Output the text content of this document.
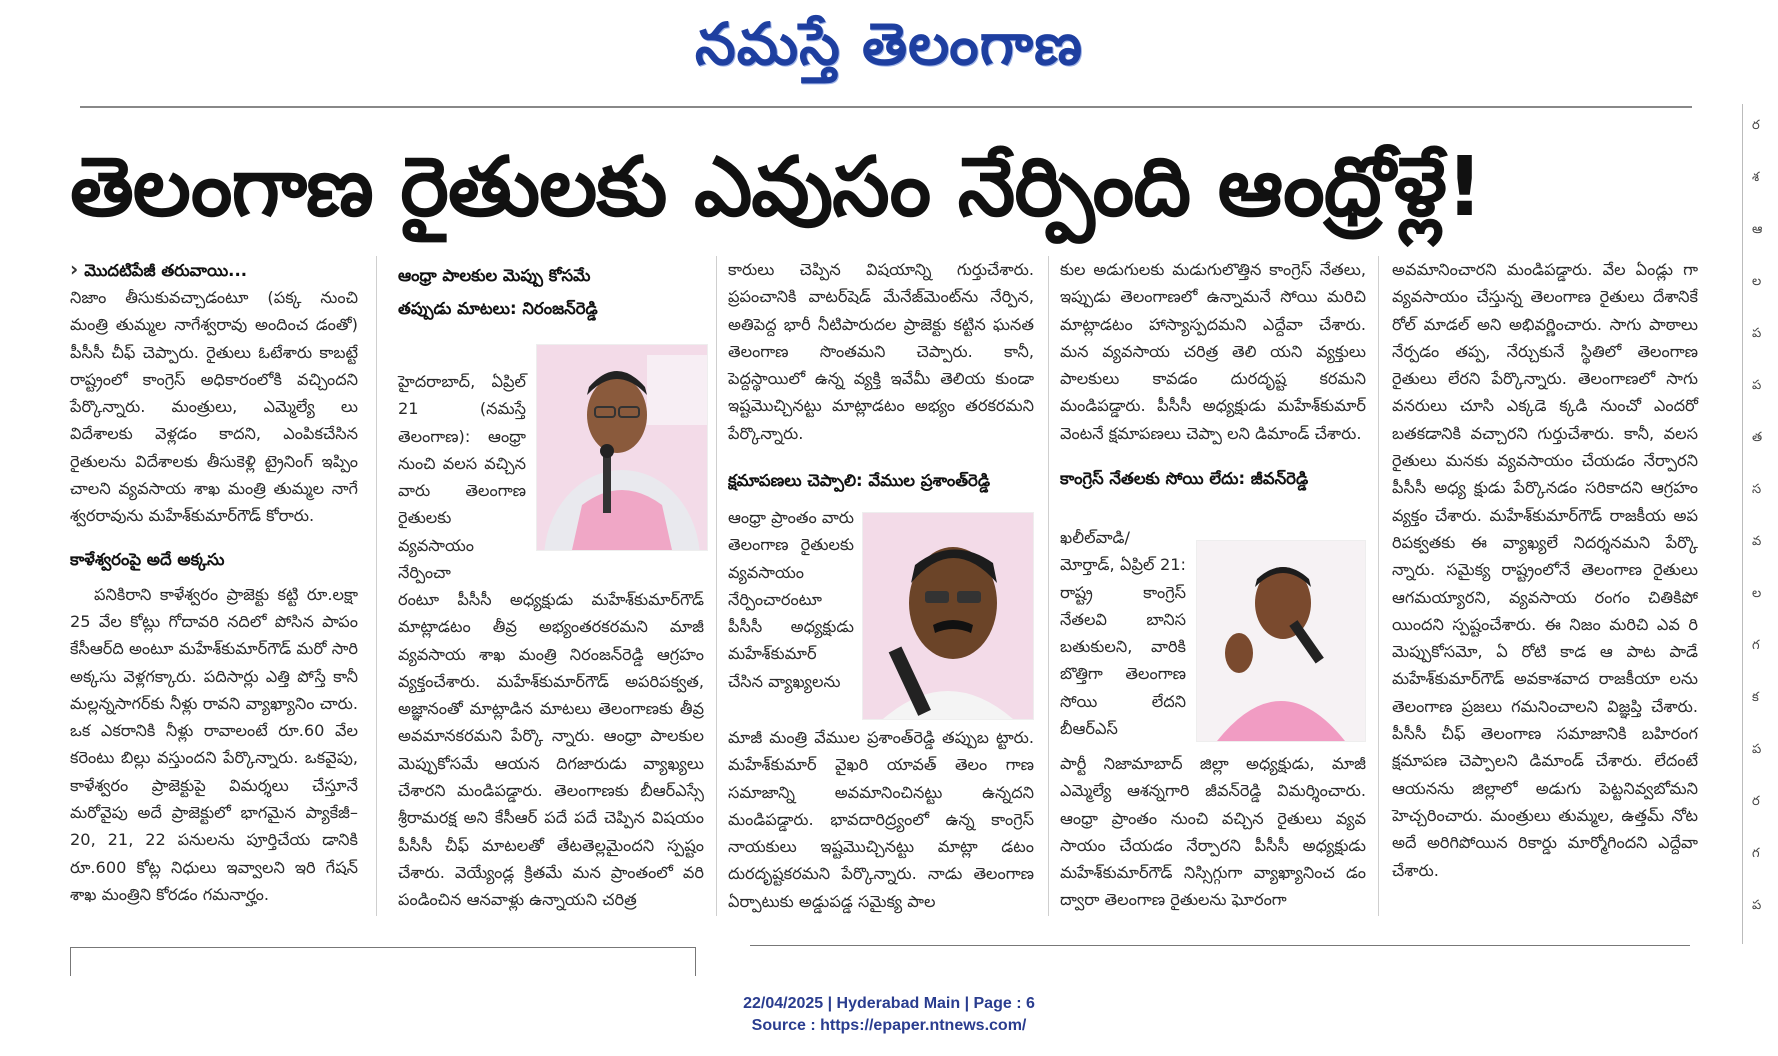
నమస్తే తెలంగాణ
ర
శ
ఆ
ల
ప
ప
త
స
వ
ల
గ
క
ప
ర
గ
ప
తెలంగాణ రైతులకు ఎవుసం నేర్పింది ఆంధ్రోళ్లే!

› మొదటిపేజీ తరువాయి...

నిజాం తీసుకువచ్చాడంటూ (పక్క నుంచి మంత్రి తుమ్మల నాగేశ్వరావు అందించ డంతో) పీసీసీ చీఫ్ చెప్పారు. రైతులు ఓటేశారు కాబట్టే రాష్ట్రంలో కాంగ్రెస్ అధికారంలోకి వచ్చిందని పేర్కొన్నారు. మంత్రులు, ఎమ్మెల్యే లు విదేశాలకు వెళ్లడం కాదని, ఎంపికచేసిన రైతులను విదేశాలకు తీసుకెళ్లి ట్రైనింగ్ ఇప్పిం చాలని వ్యవసాయ శాఖ మంత్రి తుమ్మల నాగే శ్వరరావును మహేశ్‌కుమార్‌గౌడ్ కోరారు.

కాళేశ్వరంపై అదే అక్కసు

పనికిరాని కాళేశ్వరం ప్రాజెక్టు కట్టి రూ.లక్షా 25 వేల కోట్లు గోదావరి నదిలో పోసిన పాపం కేసీఆర్‌ది అంటూ మహేశ్‌కుమార్‌గౌడ్ మరో సారి అక్కసు వెళ్లగక్కారు. పదిసార్లు ఎత్తి పోస్తే కానీ మల్లన్నసాగర్‌కు నీళ్లు రావని వ్యాఖ్యానిం చారు. ఒక ఎకరానికి నీళ్లు రావాలంటే రూ.60 వేల కరెంటు బిల్లు వస్తుందని పేర్కొన్నారు. ఒకవైపు, కాళేశ్వరం ప్రాజెక్టుపై విమర్శలు చేస్తూనే మరోవైపు అదే ప్రాజెక్టులో భాగమైన ప్యాకేజీ–20, 21, 22 పనులను పూర్తిచేయ డానికి రూ.600 కోట్ల నిధులు ఇవ్వాలని ఇరి గేషన్ శాఖ మంత్రిని కోరడం గమనార్హం.

ఆంధ్రా పాలకుల మెప్పు కోసమే

తప్పుడు మాటలు: నిరంజన్‌రెడ్డి

హైదరాబాద్, ఏప్రిల్ 21 (నమస్తే తెలంగాణ): ఆంధ్రా నుంచి వలస వచ్చిన వారు తెలంగాణ రైతులకు వ్యవసాయం నేర్పించా

రంటూ పీసీసీ అధ్యక్షుడు మహేశ్‌కుమార్‌గౌడ్ మాట్లాడటం తీవ్ర అభ్యంతరకరమని మాజీ వ్యవసాయ శాఖ మంత్రి నిరంజన్‌రెడ్డి ఆగ్రహం వ్యక్తంచేశారు. మహేశ్‌కుమార్‌గౌడ్ అపరిపక్వత, అజ్ఞానంతో మాట్లాడిన మాటలు తెలంగాణకు తీవ్ర అవమానకరమని పేర్కొ న్నారు. ఆంధ్రా పాలకుల మెప్పుకోసమే ఆయన దిగజారుడు వ్యాఖ్యలు చేశారని మండిపడ్డారు. తెలంగాణకు బీఆర్‌ఎస్సే శ్రీరామరక్ష అని కేసీఆర్ పదే పదే చెప్పిన విషయం పీసీసీ చీఫ్ మాటలతో తేటతెల్లమైందని స్పష్టం చేశారు. వెయ్యేండ్ల క్రితమే మన ప్రాంతంలో వరి పండించిన ఆనవాళ్లు ఉన్నాయని చరిత్ర

కారులు చెప్పిన విషయాన్ని గుర్తుచేశారు. ప్రపంచానికి వాటర్‌షెడ్ మేనేజ్‌మెంట్‌ను నేర్పిన, అతిపెద్ద భారీ నీటిపారుదల ప్రాజెక్టు కట్టిన ఘనత తెలంగాణ సొంతమని చెప్పారు. కానీ, పెద్దస్థాయిలో ఉన్న వ్యక్తి ఇవేమీ తెలియ కుండా ఇష్టమొచ్చినట్టు మాట్లాడటం అభ్యం తరకరమని పేర్కొన్నారు.

క్షమాపణలు చెప్పాలి: వేముల ప్రశాంత్‌రెడ్డి

ఆంధ్రా ప్రాంతం వారు తెలంగాణ రైతులకు వ్యవసాయం నేర్పించారంటూ పీసీసీ అధ్యక్షుడు మహేశ్‌కుమార్ చేసిన వ్యాఖ్యలను

మాజీ మంత్రి వేముల ప్రశాంత్‌రెడ్డి తప్పుబ ట్టారు. మహేశ్‌కుమార్ వైఖరి యావత్ తెలం గాణ సమాజాన్ని అవమానించినట్టు ఉన్నదని మండిపడ్డారు. భావదారిద్ర్యంలో ఉన్న కాంగ్రెస్ నాయకులు ఇష్టమొచ్చినట్టు మాట్లా డటం దురదృష్టకరమని పేర్కొన్నారు. నాడు తెలంగాణ ఏర్పాటుకు అడ్డుపడ్డ సమైక్య పాల

కుల అడుగులకు మడుగులొత్తిన కాంగ్రెస్ నేతలు, ఇప్పుడు తెలంగాణలో ఉన్నామనే సోయి మరిచి మాట్లాడటం హాస్యాస్పదమని ఎద్దేవా చేశారు. మన వ్యవసాయ చరిత్ర తెలి యని వ్యక్తులు పాలకులు కావడం దురదృష్ట కరమని మండిపడ్డారు. పీసీసీ అధ్యక్షుడు మహేశ్‌కుమార్ వెంటనే క్షమాపణలు చెప్పా లని డిమాండ్ చేశారు.

కాంగ్రెస్ నేతలకు సోయి లేదు: జీవన్‌రెడ్డి

ఖలీల్‌వాడి/ మోర్తాడ్, ఏప్రిల్ 21: రాష్ట్ర కాంగ్రెస్ నేతలవి బానిస బతుకులని, వారికి బొత్తిగా తెలంగాణ సోయి లేదని బీఆర్‌ఎస్

పార్టీ నిజామాబాద్ జిల్లా అధ్యక్షుడు, మాజీ ఎమ్మెల్యే ఆశన్నగారి జీవన్‌రెడ్డి విమర్శించారు. ఆంధ్రా ప్రాంతం నుంచి వచ్చిన రైతులు వ్యవ సాయం చేయడం నేర్పారని పీసీసీ అధ్యక్షుడు మహేశ్‌కుమార్‌గౌడ్ నిస్సిగ్గుగా వ్యాఖ్యానించ డం ద్వారా తెలంగాణ రైతులను ఘోరంగా

అవమానించారని మండిపడ్డారు. వేల ఏండ్లు గా వ్యవసాయం చేస్తున్న తెలంగాణ రైతులు దేశానికే రోల్ మాడల్ అని అభివర్ణించారు. సాగు పాఠాలు నేర్పడం తప్ప, నేర్చుకునే స్థితిలో తెలంగాణ రైతులు లేరని పేర్కొన్నారు. తెలంగాణలో సాగు వనరులు చూసి ఎక్కడె క్కడి నుంచో ఎందరో బతకడానికి వచ్చారని గుర్తుచేశారు. కానీ, వలస రైతులు మనకు వ్యవసాయం చేయడం నేర్పారని పీసీసీ అధ్య క్షుడు పేర్కొనడం సరికాదని ఆగ్రహం వ్యక్తం చేశారు. మహేశ్‌కుమార్‌గౌడ్ రాజకీయ అప రిపక్వతకు ఈ వ్యాఖ్యలే నిదర్శనమని పేర్కొ న్నారు. సమైక్య రాష్ట్రంలోనే తెలంగాణ రైతులు ఆగమయ్యారని, వ్యవసాయ రంగం చితికిపో యిందని స్పష్టంచేశారు. ఈ నిజం మరిచి ఎవ రి మెప్పుకోసమో, ఏ రోటి కాడ ఆ పాట పాడే మహేశ్‌కుమార్‌గౌడ్ అవకాశవాద రాజకీయా లను తెలంగాణ ప్రజలు గమనించాలని విజ్ఞప్తి చేశారు. పీసీసీ చీఫ్ తెలంగాణ సమాజానికి బహిరంగ క్షమాపణ చెప్పాలని డిమాండ్ చేశారు. లేదంటే ఆయనను జిల్లాలో అడుగు పెట్టనివ్వబోమని హెచ్చరించారు. మంత్రులు తుమ్మల, ఉత్తమ్ నోట అదే అరిగిపోయిన రికార్డు మార్మోగిందని ఎద్దేవా చేశారు.

22/04/2025 | Hyderabad Main | Page : 6
Source : https://epaper.ntnews.com/
